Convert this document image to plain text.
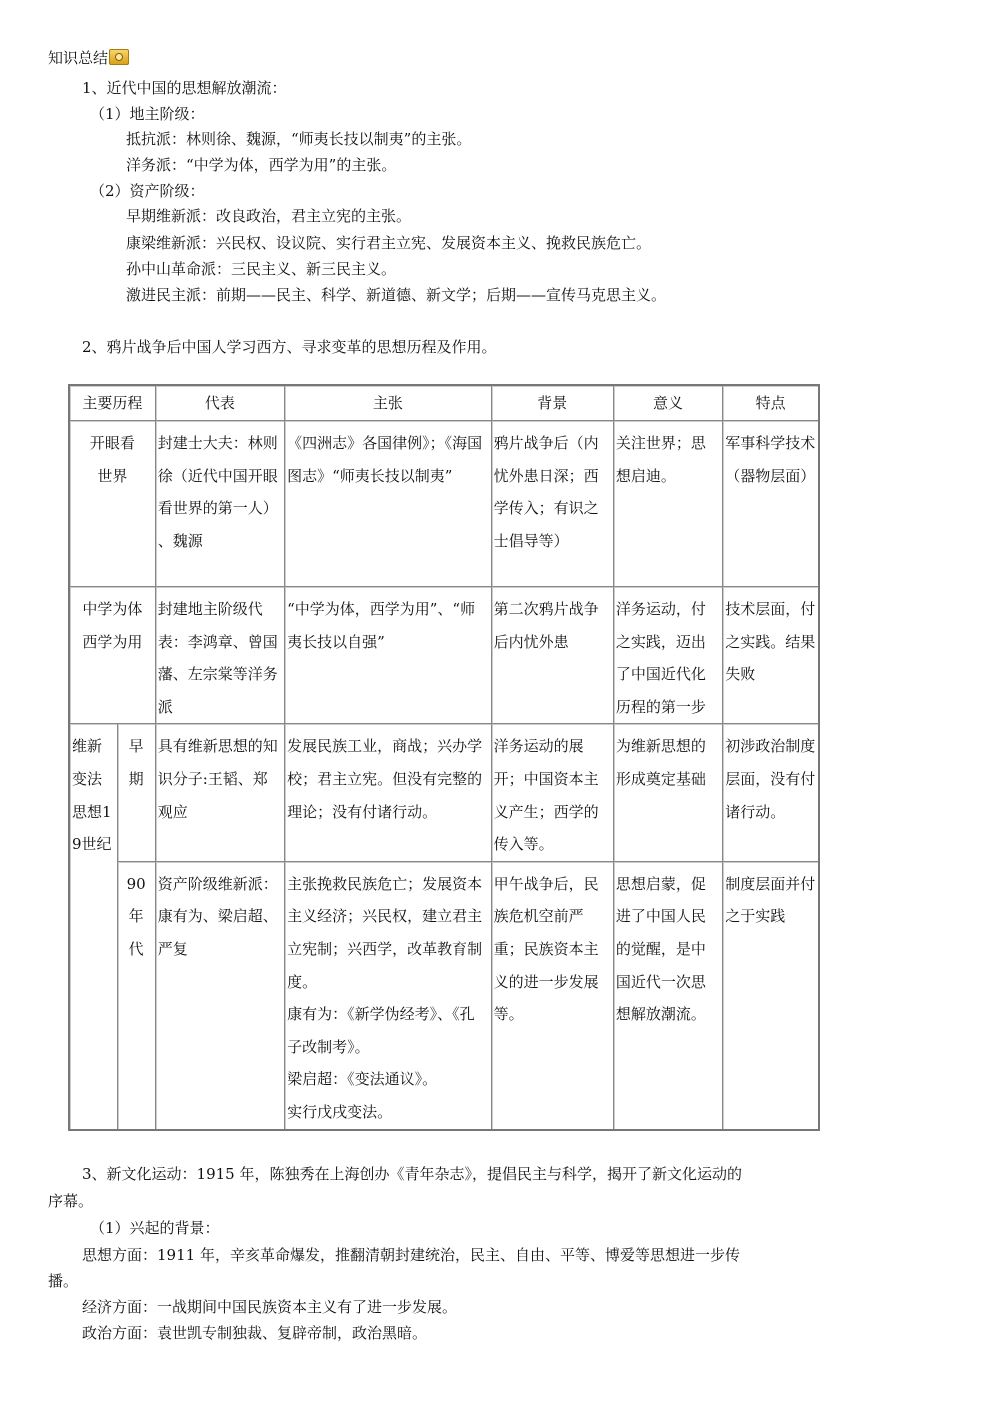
知识总结
1、近代中国的思想解放潮流：
（1）地主阶级：
抵抗派：林则徐、魏源，“师夷长技以制夷”的主张。
洋务派：“中学为体，西学为用”的主张。
（2）资产阶级：
早期维新派：改良政治，君主立宪的主张。
康梁维新派：兴民权、设议院、实行君主立宪、发展资本主义、挽救民族危亡。
孙中山革命派：三民主义、新三民主义。
激进民主派：前期——民主、科学、新道德、新文学；后期——宣传马克思主义。
2、鸦片战争后中国人学习西方、寻求变革的思想历程及作用。
主要历程		代表	主张	背景	意义	特点
开眼看
世界		封建士大夫：林则徐（近代中国开眼看世界的第一人）
、魏源	《四洲志》各国律例》；《海国图志》“师夷长技以制夷”	鸦片战争后（内忧外患日深；西学传入；有识之士倡导等）	关注世界；思想启迪。	军事科学技术（器物层面）
中学为体
西学为用		封建地主阶级代表：李鸿章、曾国藩、左宗棠等洋务派	“中学为体，西学为用”、“师夷长技以自强”	第二次鸦片战争后内忧外患	洋务运动，付之实践，迈出了中国近代化历程的第一步	技术层面，付之实践。结果失败
维新变法思想19世纪	早期	具有维新思想的知识分子:王韬、郑观应	发展民族工业，商战；兴办学校；君主立宪。但没有完整的理论；没有付诸行动。	洋务运动的展开；中国资本主义产生；西学的传入等。	为维新思想的形成奠定基础	初涉政治制度层面，没有付诸行动。
	90年代	资产阶级维新派：康有为、梁启超、严复	主张挽救民族危亡；发展资本主义经济；兴民权，建立君主立宪制；兴西学，改革教育制度。
康有为：《新学伪经考》、《孔子改制考》。
梁启超：《变法通议》。
实行戊戌变法。	甲午战争后，民族危机空前严重；民族资本主义的进一步发展等。	思想启蒙，促进了中国人民的觉醒，是中国近代一次思想解放潮流。	制度层面并付之于实践
3、新文化运动：1915 年，陈独秀在上海创办《青年杂志》，提倡民主与科学，揭开了新文化运动的
序幕。
（1）兴起的背景：
思想方面：1911 年，辛亥革命爆发，推翻清朝封建统治，民主、自由、平等、博爱等思想进一步传
播。
经济方面：一战期间中国民族资本主义有了进一步发展。
政治方面：袁世凯专制独裁、复辟帝制，政治黑暗。
